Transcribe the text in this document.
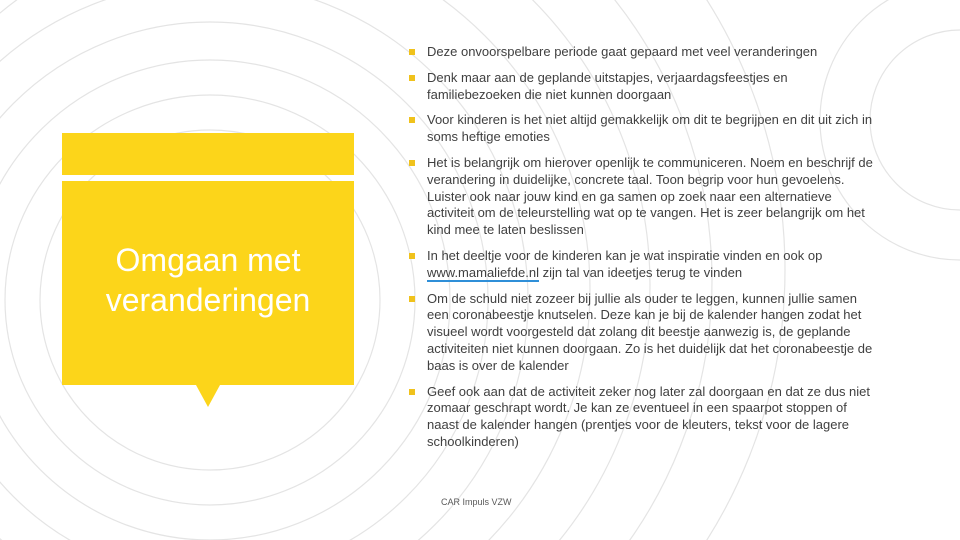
Omgaan met
veranderingen
Deze onvoorspelbare periode gaat gepaard met veel veranderingen
Denk maar aan de geplande uitstapjes, verjaardagsfeestjes en familiebezoeken die niet kunnen doorgaan
Voor kinderen is het niet altijd gemakkelijk om dit te begrijpen en dit uit zich in soms heftige emoties
Het is belangrijk om hierover openlijk te communiceren. Noem en beschrijf de verandering in duidelijke, concrete taal. Toon begrip voor hun gevoelens. Luister ook naar jouw kind en ga samen op zoek naar een alternatieve activiteit om de teleurstelling wat op te vangen. Het is zeer belangrijk om het kind mee te laten beslissen
In het deeltje voor de kinderen kan je wat inspiratie vinden en ook op www.mamaliefde.nl zijn tal van ideetjes terug te vinden
Om de schuld niet zozeer bij jullie als ouder te leggen, kunnen jullie samen een coronabeestje knutselen. Deze kan je bij de kalender hangen zodat het visueel wordt voorgesteld dat zolang dit beestje aanwezig is, de geplande activiteiten niet kunnen doorgaan. Zo is het duidelijk dat het coronabeestje de baas is over de kalender
Geef ook aan dat de activiteit zeker nog later zal doorgaan en dat ze dus niet zomaar geschrapt wordt. Je kan ze eventueel in een spaarpot stoppen of naast de kalender hangen (prentjes voor de kleuters, tekst voor de lagere schoolkinderen)
CAR Impuls VZW
